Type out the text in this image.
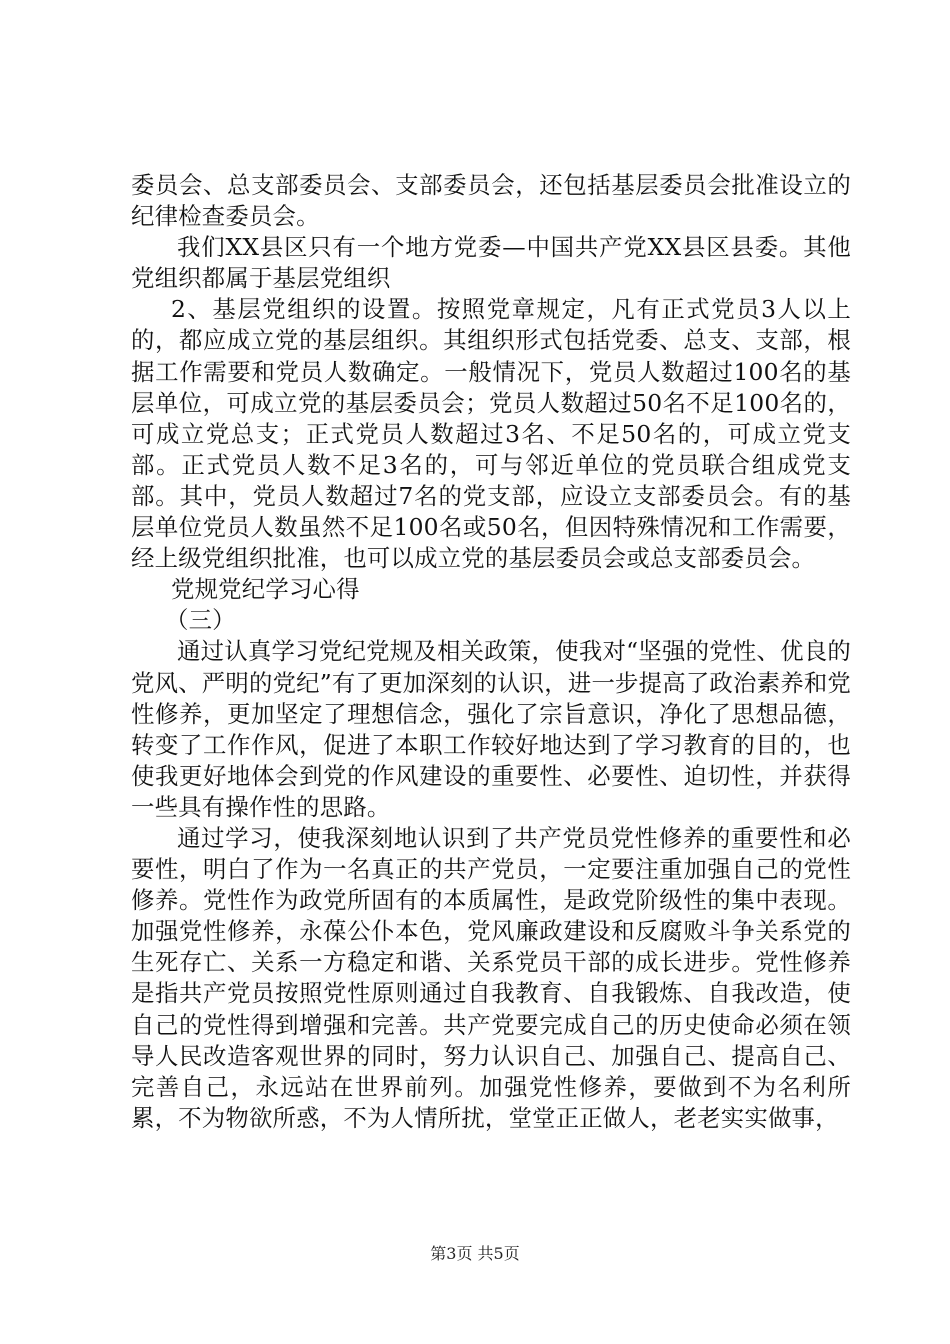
委员会、总支部委员会、支部委员会，还包括基层委员会批准设立的纪律检查委员会。

我们XX县区只有一个地方党委—中国共产党XX县区县委。其他党组织都属于基层党组织

2、基层党组织的设置。按照党章规定，凡有正式党员3人以上的，都应成立党的基层组织。其组织形式包括党委、总支、支部，根据工作需要和党员人数确定。一般情况下，党员人数超过100名的基层单位，可成立党的基层委员会；党员人数超过50名不足100名的，可成立党总支；正式党员人数超过3名、不足50名的，可成立党支部。正式党员人数不足3名的，可与邻近单位的党员联合组成党支部。其中，党员人数超过7名的党支部，应设立支部委员会。有的基层单位党员人数虽然不足100名或50名，但因特殊情况和工作需要，经上级党组织批准，也可以成立党的基层委员会或总支部委员会。

党规党纪学习心得

（三）

通过认真学习党纪党规及相关政策，使我对“坚强的党性、优良的党风、严明的党纪”有了更加深刻的认识，进一步提高了政治素养和党性修养，更加坚定了理想信念，强化了宗旨意识，净化了思想品德，转变了工作作风，促进了本职工作较好地达到了学习教育的目的，也使我更好地体会到党的作风建设的重要性、必要性、迫切性，并获得一些具有操作性的思路。

通过学习，使我深刻地认识到了共产党员党性修养的重要性和必要性，明白了作为一名真正的共产党员，一定要注重加强自己的党性修养。党性作为政党所固有的本质属性，是政党阶级性的集中表现。加强党性修养，永葆公仆本色，党风廉政建设和反腐败斗争关系党的生死存亡、关系一方稳定和谐、关系党员干部的成长进步。党性修养是指共产党员按照党性原则通过自我教育、自我锻炼、自我改造，使自己的党性得到增强和完善。共产党要完成自己的历史使命必须在领导人民改造客观世界的同时，努力认识自己、加强自己、提高自己、完善自己，永远站在世界前列。加强党性修养，要做到不为名利所累，不为物欲所惑，不为人情所扰，堂堂正正做人，老老实实做事，

第3页 共5页
